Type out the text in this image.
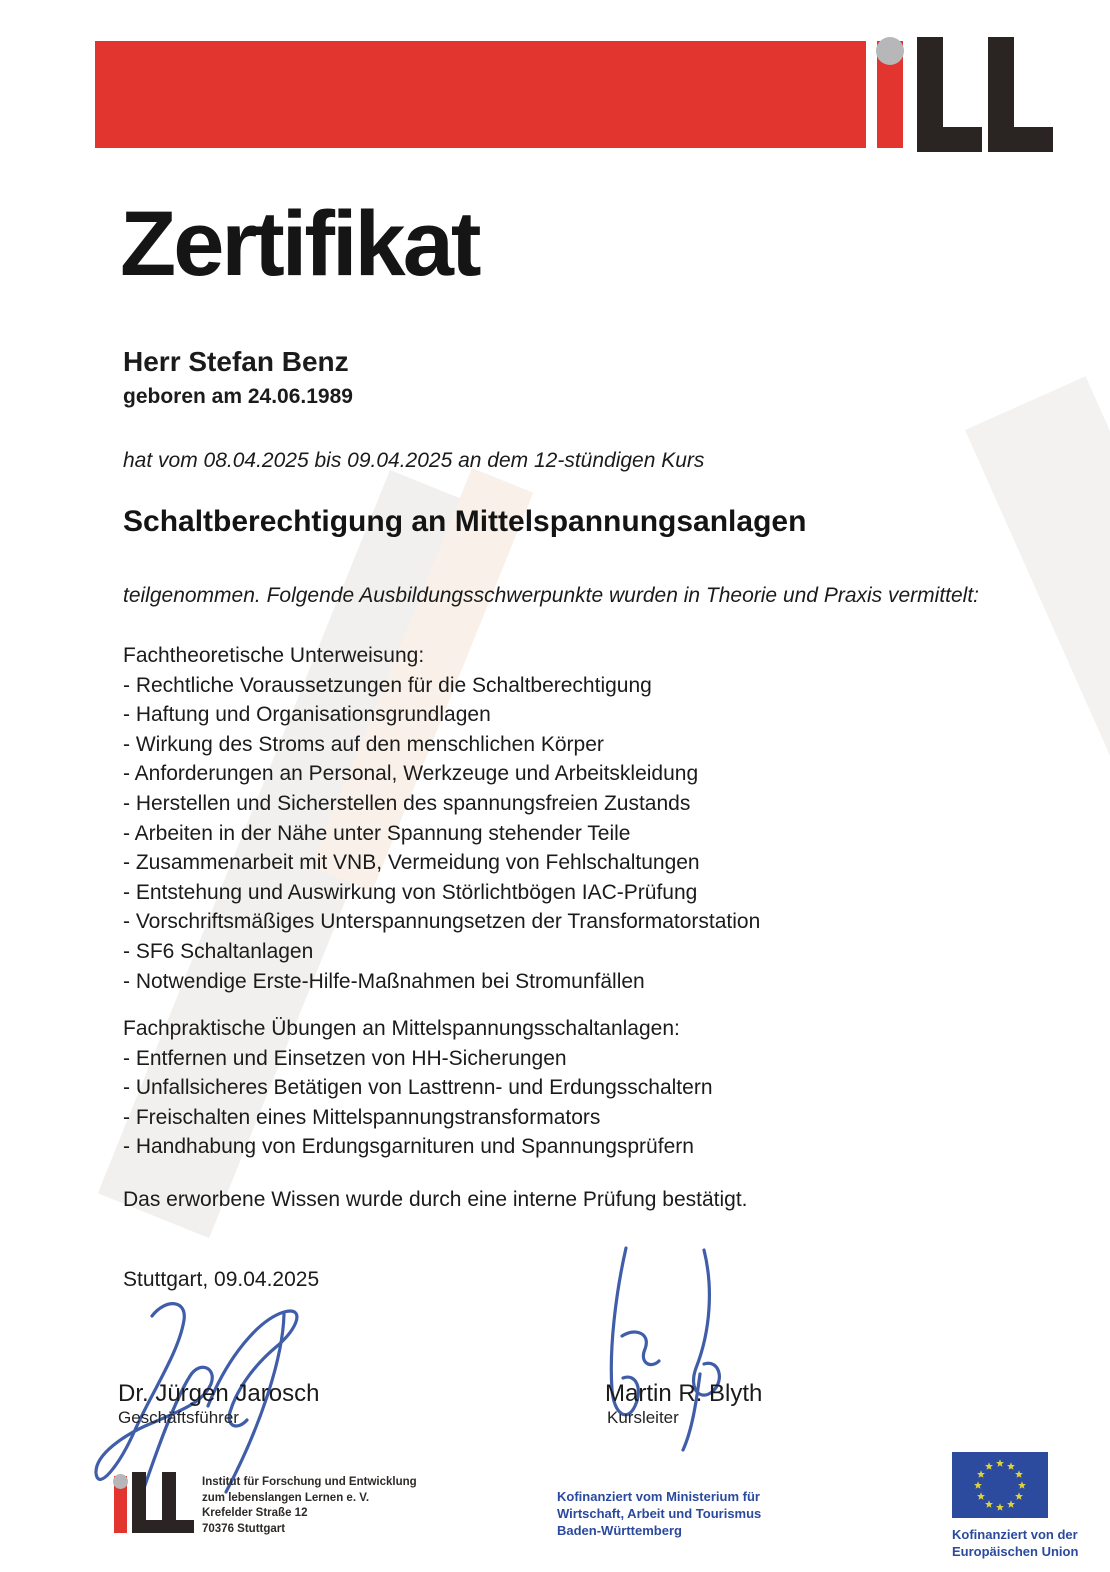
Zertifikat
Herr Stefan Benz
geboren am 24.06.1989
hat vom 08.04.2025 bis 09.04.2025 an dem 12-stündigen Kurs
Schaltberechtigung an Mittelspannungsanlagen
teilgenommen. Folgende Ausbildungsschwerpunkte wurden in Theorie und Praxis vermittelt:
Fachtheoretische Unterweisung:
- Rechtliche Voraussetzungen für die Schaltberechtigung
- Haftung und Organisationsgrundlagen
- Wirkung des Stroms auf den menschlichen Körper
- Anforderungen an Personal, Werkzeuge und Arbeitskleidung
- Herstellen und Sicherstellen des spannungsfreien Zustands
- Arbeiten in der Nähe unter Spannung stehender Teile
- Zusammenarbeit mit VNB, Vermeidung von Fehlschaltungen
- Entstehung und Auswirkung von Störlichtbögen IAC-Prüfung
- Vorschriftsmäßiges Unterspannungsetzen der Transformatorstation
- SF6 Schaltanlagen
- Notwendige Erste-Hilfe-Maßnahmen bei Stromunfällen
Fachpraktische Übungen an Mittelspannungsschaltanlagen:
- Entfernen und Einsetzen von HH-Sicherungen
- Unfallsicheres Betätigen von Lasttrenn- und Erdungsschaltern
- Freischalten eines Mittelspannungstransformators
- Handhabung von Erdungsgarnituren und Spannungsprüfern
Das erworbene Wissen wurde durch eine interne Prüfung bestätigt.
Stuttgart, 09.04.2025
Dr. Jürgen Jarosch
Geschäftsführer
Martin R. Blyth
Kursleiter
Institut für Forschung und Entwicklung
zum lebenslangen Lernen e. V.
Krefelder Straße 12
70376 Stuttgart
Kofinanziert vom Ministerium für
Wirtschaft, Arbeit und Tourismus
Baden-Württemberg	Kofinanziert von der
Europäischen Union
